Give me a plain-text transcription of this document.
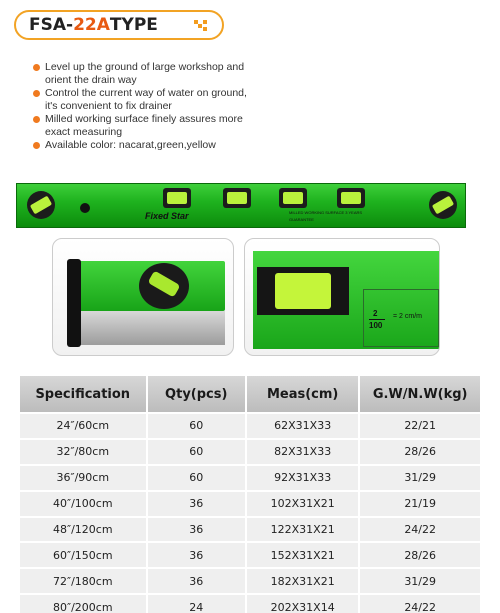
FSA- 22A TYPE
Level up the ground of large workshop and
orient the drain way
Control the current way of water on ground,
it's convenient to fix drainer
Milled working surface finely assures more
exact measuring
Available color: nacarat,green,yellow
Fixed Star	MILLED WORKING SURFACE 3 YEARS
GUARANTEE
2
100
= 2 cm/m
Specification	Qty(pcs)	Meas(cm)	G.W/N.W(kg)
24″/60cm	60	62X31X33	22/21
32″/80cm	60	82X31X33	28/26
36″/90cm	60	92X31X33	31/29
40″/100cm	36	102X31X21	21/19
48″/120cm	36	122X31X21	24/22
60″/150cm	36	152X31X21	28/26
72″/180cm	36	182X31X21	31/29
80″/200cm	24	202X31X14	24/22
